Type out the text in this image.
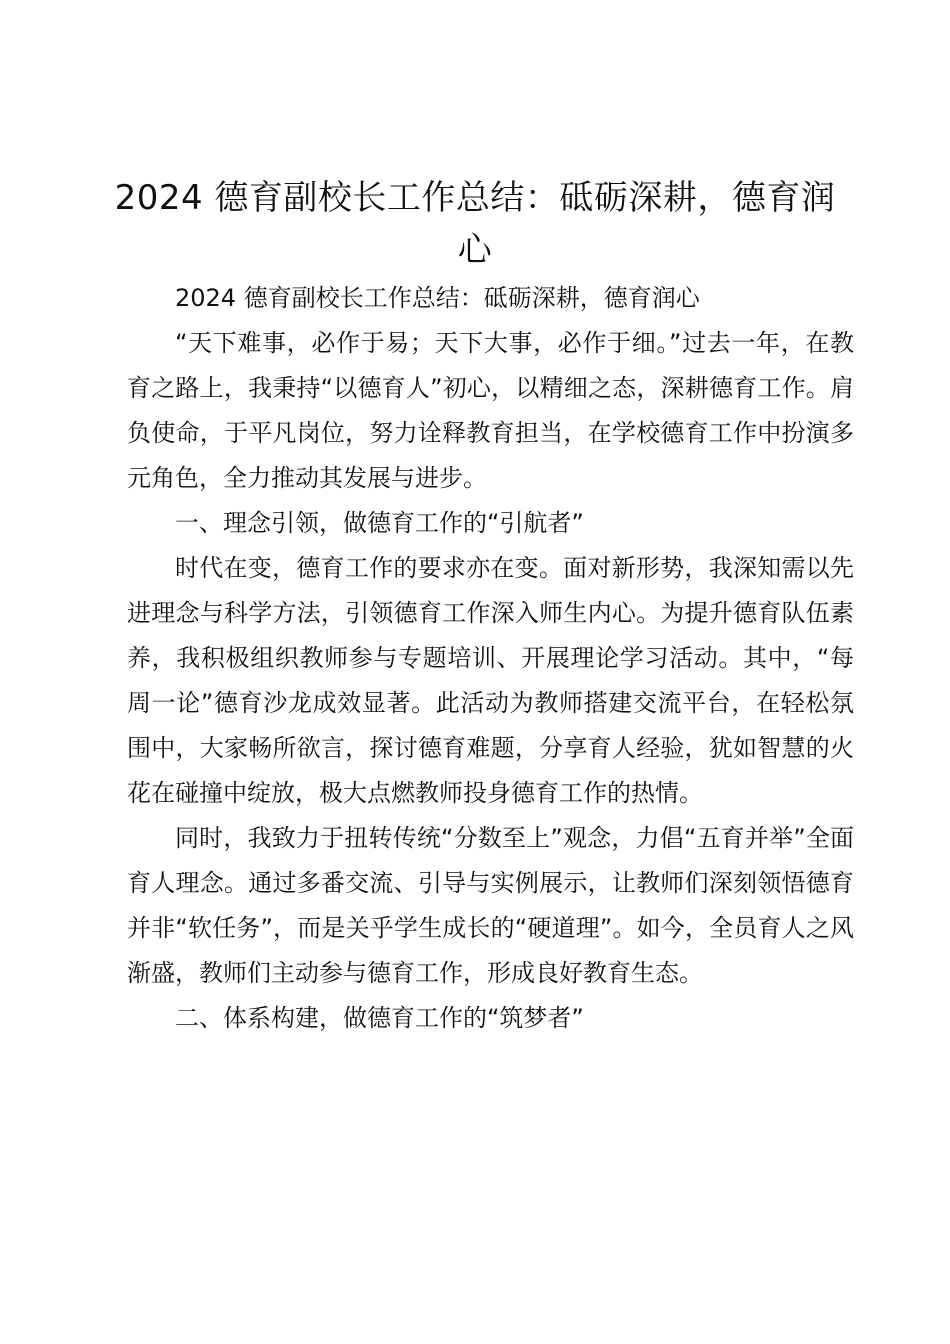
2024 德育副校长工作总结：砥砺深耕，德育润心

2024 德育副校长工作总结：砥砺深耕，德育润心

“天下难事，必作于易；天下大事，必作于细。”过去一年，在教育之路上，我秉持“以德育人”初心，以精细之态，深耕德育工作。肩负使命，于平凡岗位，努力诠释教育担当，在学校德育工作中扮演多元角色，全力推动其发展与进步。

一、理念引领，做德育工作的“引航者”

时代在变，德育工作的要求亦在变。面对新形势，我深知需以先进理念与科学方法，引领德育工作深入师生内心。为提升德育队伍素养，我积极组织教师参与专题培训、开展理论学习活动。其中，“每周一论”德育沙龙成效显著。此活动为教师搭建交流平台，在轻松氛围中，大家畅所欲言，探讨德育难题，分享育人经验，犹如智慧的火花在碰撞中绽放，极大点燃教师投身德育工作的热情。

同时，我致力于扭转传统“分数至上”观念，力倡“五育并举”全面育人理念。通过多番交流、引导与实例展示，让教师们深刻领悟德育并非“软任务”，而是关乎学生成长的“硬道理”。如今，全员育人之风渐盛，教师们主动参与德育工作，形成良好教育生态。

二、体系构建，做德育工作的“筑梦者”
